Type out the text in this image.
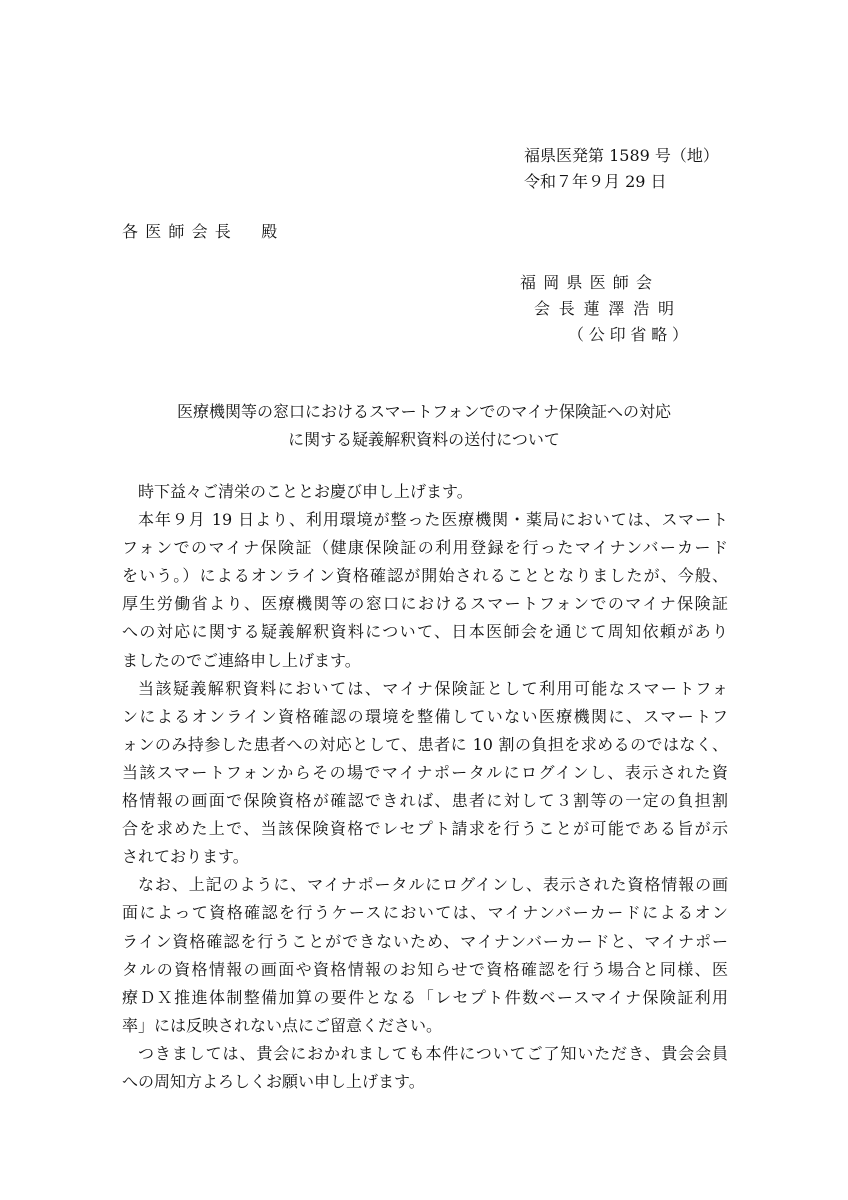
福県医発第 1589 号（地）
令和７年９月 29 日
各医師会長　殿
福岡県医師会
会長蓮澤浩明
（公印省略）
医療機関等の窓口におけるスマートフォンでのマイナ保険証への対応
に関する疑義解釈資料の送付について
時下益々ご清栄のこととお慶び申し上げます。
本年９月 19 日より、利用環境が整った医療機関・薬局においては、スマート
フォンでのマイナ保険証（健康保険証の利用登録を行ったマイナンバーカード
をいう。）によるオンライン資格確認が開始されることとなりましたが、今般、
厚生労働省より、医療機関等の窓口におけるスマートフォンでのマイナ保険証
への対応に関する疑義解釈資料について、日本医師会を通じて周知依頼があり
ましたのでご連絡申し上げます。
当該疑義解釈資料においては、マイナ保険証として利用可能なスマートフォ
ンによるオンライン資格確認の環境を整備していない医療機関に、スマートフ
ォンのみ持参した患者への対応として、患者に 10 割の負担を求めるのではなく、
当該スマートフォンからその場でマイナポータルにログインし、表示された資
格情報の画面で保険資格が確認できれば、患者に対して３割等の一定の負担割
合を求めた上で、当該保険資格でレセプト請求を行うことが可能である旨が示
されております。
なお、上記のように、マイナポータルにログインし、表示された資格情報の画
面によって資格確認を行うケースにおいては、マイナンバーカードによるオン
ライン資格確認を行うことができないため、マイナンバーカードと、マイナポー
タルの資格情報の画面や資格情報のお知らせで資格確認を行う場合と同様、医
療ＤＸ推進体制整備加算の要件となる「レセプト件数ベースマイナ保険証利用
率」には反映されない点にご留意ください。
つきましては、貴会におかれましても本件についてご了知いただき、貴会会員
への周知方よろしくお願い申し上げます。
